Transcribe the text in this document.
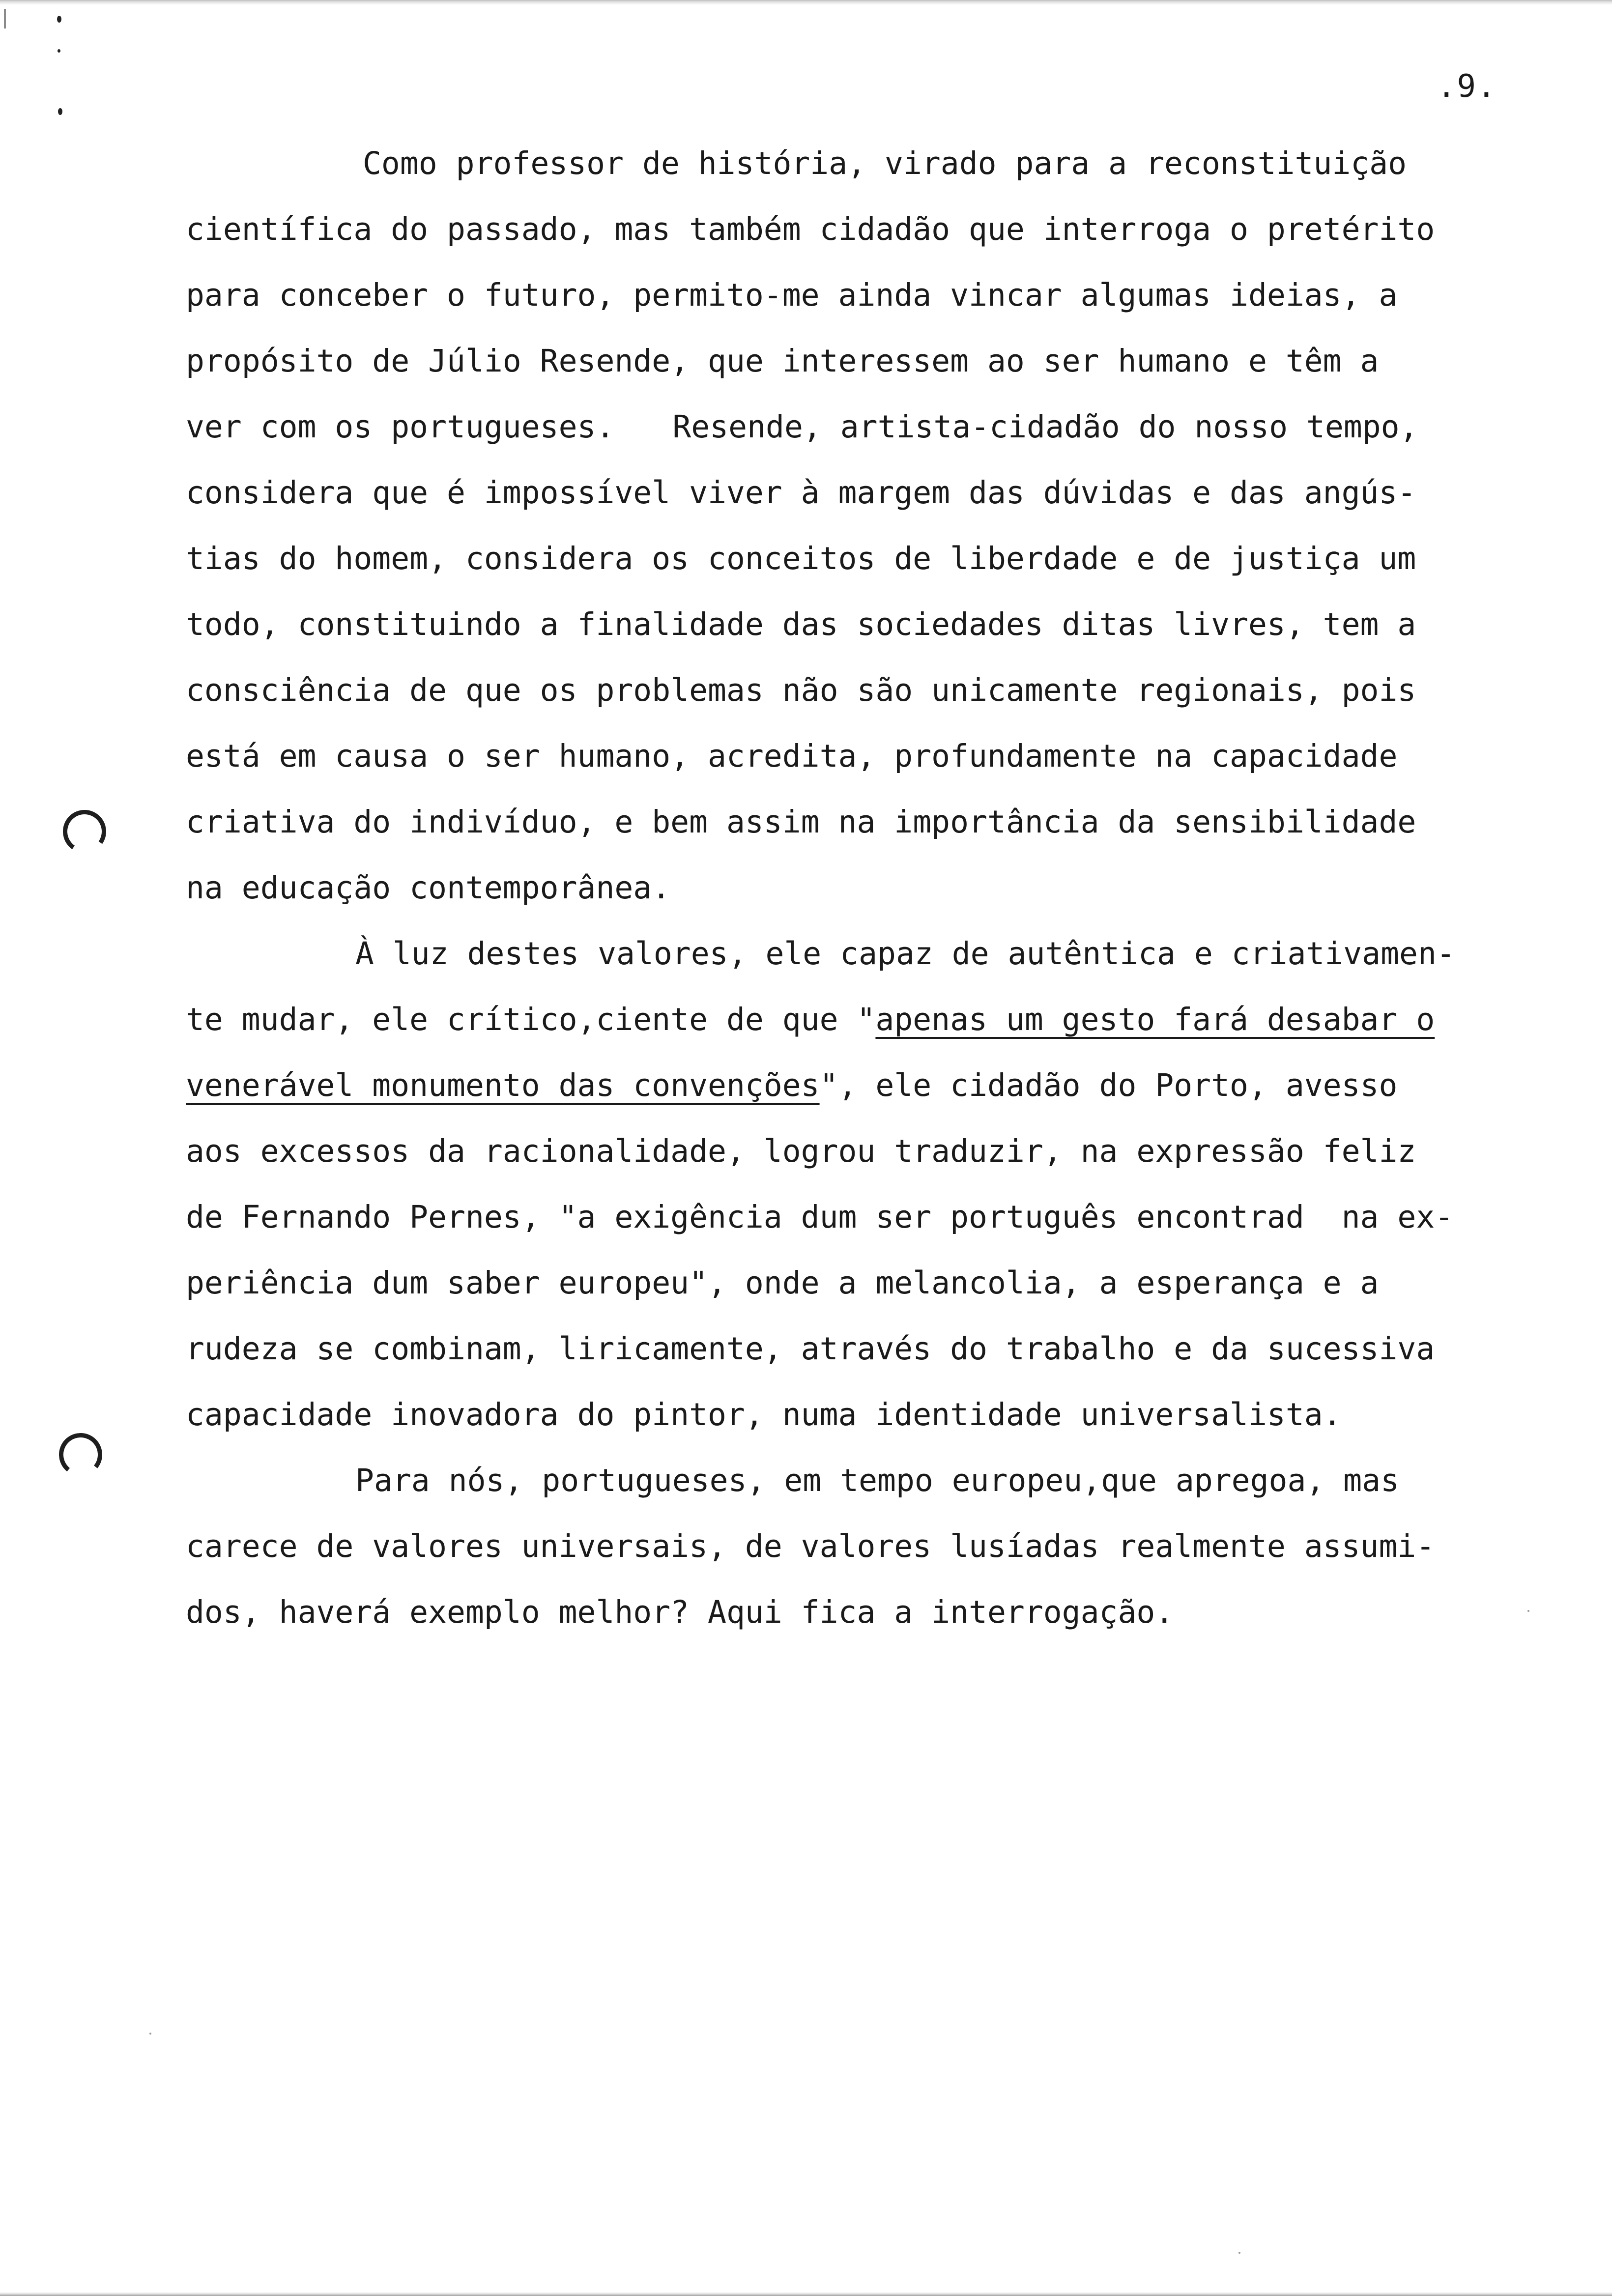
.9.

Como professor de história, virado para a reconstituição
científica do passado, mas também cidadão que interroga o pretérito
para conceber o futuro, permito-me ainda vincar algumas ideias, a
propósito de Júlio Resende, que interessem ao ser humano e têm a
ver com os portugueses. Resende, artista-cidadão do nosso tempo,
considera que é impossível viver à margem das dúvidas e das angús-
tias do homem, considera os conceitos de liberdade e de justiça um
todo, constituindo a finalidade das sociedades ditas livres, tem a
consciência de que os problemas não são unicamente regionais, pois
está em causa o ser humano, acredita, profundamente na capacidade
criativa do indivíduo, e bem assim na importância da sensibilidade
na educação contemporânea.
À luz destes valores, ele capaz de autêntica e criativamen-
te mudar, ele crítico,ciente de que "apenas um gesto fará desabar o
venerável monumento das convenções", ele cidadão do Porto, avesso
aos excessos da racionalidade, logrou traduzir, na expressão feliz
de Fernando Pernes, "a exigência dum ser português encontrad  na ex-
periência dum saber europeu", onde a melancolia, a esperança e a
rudeza se combinam, liricamente, através do trabalho e da sucessiva
capacidade inovadora do pintor, numa identidade universalista.
Para nós, portugueses, em tempo europeu,que apregoa, mas
carece de valores universais, de valores lusíadas realmente assumi-
dos, haverá exemplo melhor? Aqui fica a interrogação.
